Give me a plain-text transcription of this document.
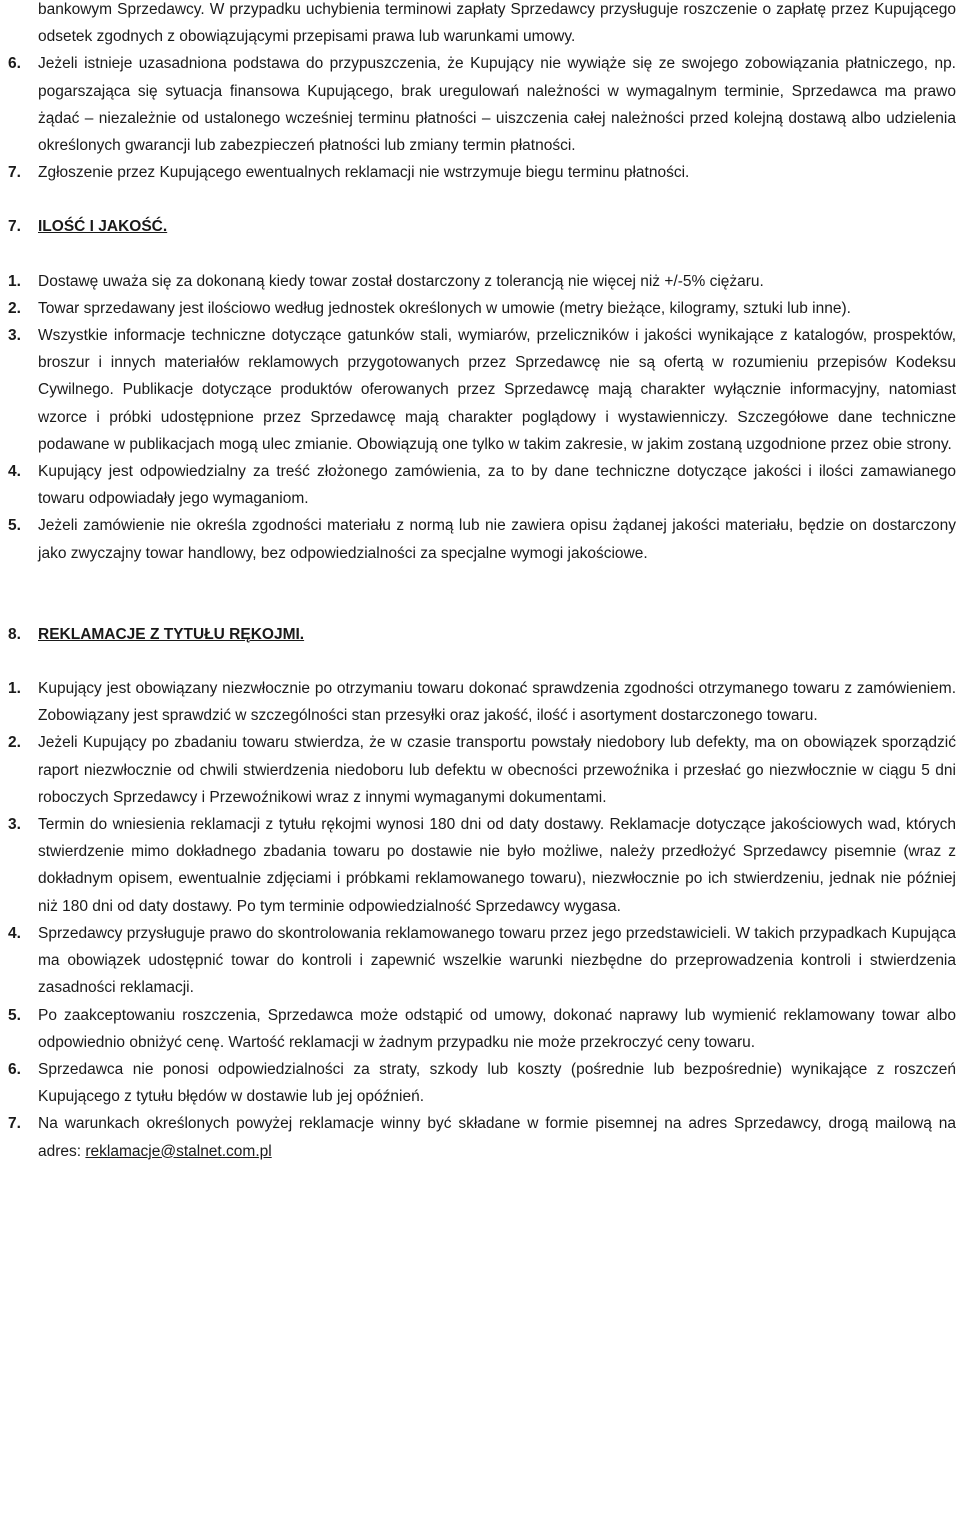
bankowym Sprzedawcy. W przypadku uchybienia terminowi zapłaty Sprzedawcy przysługuje roszczenie o zapłatę przez Kupującego odsetek zgodnych z obowiązującymi przepisami prawa lub warunkami umowy.
6.	Jeżeli istnieje uzasadniona podstawa do przypuszczenia, że Kupujący nie wywiąże się ze swojego zobowiązania płatniczego, np. pogarszająca się sytuacja finansowa Kupującego, brak uregulowań należności w wymagalnym terminie, Sprzedawca ma prawo żądać – niezależnie od ustalonego wcześniej terminu płatności – uiszczenia całej należności przed kolejną dostawą albo udzielenia określonych gwarancji lub zabezpieczeń płatności lub zmiany termin płatności.
7.	Zgłoszenie przez Kupującego ewentualnych reklamacji nie wstrzymuje biegu terminu płatności.
7.	ILOŚĆ I JAKOŚĆ.
1.	Dostawę uważa się za dokonaną kiedy towar został dostarczony z tolerancją nie więcej niż +/-5% ciężaru.
2.	Towar sprzedawany jest ilościowo według jednostek określonych w umowie (metry bieżące, kilogramy, sztuki lub inne).
3.	Wszystkie informacje techniczne dotyczące gatunków stali, wymiarów, przeliczników i jakości wynikające z katalogów, prospektów, broszur i innych materiałów reklamowych przygotowanych przez Sprzedawcę nie są ofertą w rozumieniu przepisów Kodeksu Cywilnego. Publikacje dotyczące produktów oferowanych przez Sprzedawcę mają charakter wyłącznie informacyjny, natomiast wzorce i próbki udostępnione przez Sprzedawcę mają charakter poglądowy i wystawienniczy. Szczegółowe dane techniczne podawane w publikacjach mogą ulec zmianie. Obowiązują one tylko w takim zakresie, w jakim zostaną uzgodnione przez obie strony.
4.	Kupujący jest odpowiedzialny za treść złożonego zamówienia, za to by dane techniczne dotyczące jakości i ilości zamawianego towaru odpowiadały jego wymaganiom.
5.	Jeżeli zamówienie nie określa zgodności materiału z normą lub nie zawiera opisu żądanej jakości materiału, będzie on dostarczony jako zwyczajny towar handlowy, bez odpowiedzialności za specjalne wymogi jakościowe.
8.	REKLAMACJE Z TYTUŁU RĘKOJMI.
1.	Kupujący jest obowiązany niezwłocznie po otrzymaniu towaru dokonać sprawdzenia zgodności otrzymanego towaru z zamówieniem. Zobowiązany jest sprawdzić w szczególności stan przesyłki oraz jakość, ilość i asortyment dostarczonego towaru.
2.	Jeżeli Kupujący po zbadaniu towaru stwierdza, że w czasie transportu powstały niedobory lub defekty, ma on obowiązek sporządzić raport niezwłocznie od chwili stwierdzenia niedoboru lub defektu w obecności przewoźnika i przesłać go niezwłocznie w ciągu 5 dni roboczych Sprzedawcy i Przewoźnikowi wraz z innymi wymaganymi dokumentami.
3.	Termin do wniesienia reklamacji z tytułu rękojmi wynosi 180 dni od daty dostawy. Reklamacje dotyczące jakościowych wad, których stwierdzenie mimo dokładnego zbadania towaru po dostawie nie było możliwe, należy przedłożyć Sprzedawcy pisemnie (wraz z dokładnym opisem, ewentualnie zdjęciami i próbkami reklamowanego towaru), niezwłocznie po ich stwierdzeniu, jednak nie później niż 180 dni od daty dostawy. Po tym terminie odpowiedzialność Sprzedawcy wygasa.
4.	Sprzedawcy przysługuje prawo do skontrolowania reklamowanego towaru przez jego przedstawicieli. W takich przypadkach Kupująca ma obowiązek udostępnić towar do kontroli i zapewnić wszelkie warunki niezbędne do przeprowadzenia kontroli i stwierdzenia zasadności reklamacji.
5.	Po zaakceptowaniu roszczenia, Sprzedawca może odstąpić od umowy, dokonać naprawy lub wymienić reklamowany towar albo odpowiednio obniżyć cenę. Wartość reklamacji w żadnym przypadku nie może przekroczyć ceny towaru.
6.	Sprzedawca nie ponosi odpowiedzialności za straty, szkody lub koszty (pośrednie lub bezpośrednie) wynikające z roszczeń Kupującego z tytułu błędów w dostawie lub jej opóźnień.
7.	Na warunkach określonych powyżej reklamacje winny być składane w formie pisemnej na adres Sprzedawcy, drogą mailową na adres: reklamacje@stalnet.com.pl
